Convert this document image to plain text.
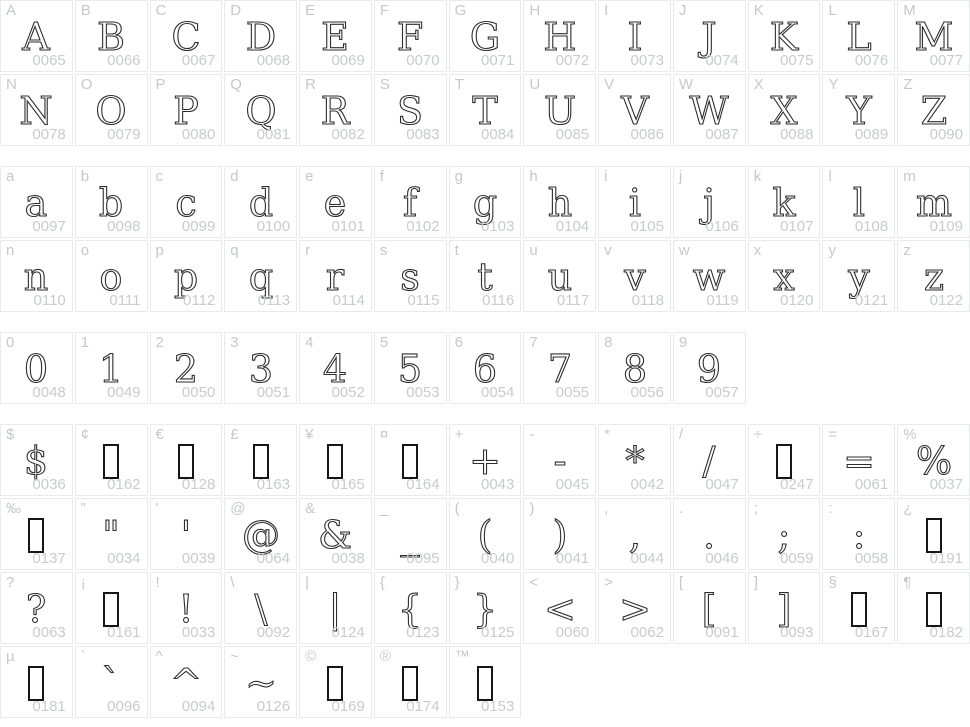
A
A
0065
B
B
0066
C
C
0067
D
D
0068
E
E
0069
F
F
0070
G
G
0071
H
H
0072
I
I
0073
J
J
0074
K
K
0075
L
L
0076
M
M
0077
N
N
0078
O
O
0079
P
P
0080
Q
Q
0081
R
R
0082
S
S
0083
T
T
0084
U
U
0085
V
V
0086
W
W
0087
X
X
0088
Y
Y
0089
Z
Z
0090
a
a
0097
b
b
0098
c
c
0099
d
d
0100
e
e
0101
f
f
0102
g
g
0103
h
h
0104
i
i
0105
j
j
0106
k
k
0107
l
l
0108
m
m
0109
n
n
0110
o
o
0111
p
p
0112
q
q
0113
r
r
0114
s
s
0115
t
t
0116
u
u
0117
v
v
0118
w
w
0119
x
x
0120
y
y
0121
z
z
0122
0
0
0048
1
1
0049
2
2
0050
3
3
0051
4
4
0052
5
5
0053
6
6
0054
7
7
0055
8
8
0056
9
9
0057
$
$
0036
¢
0162
€
0128
£
0163
¥
0165
¤
0164
+
+
0043
-
-
0045
*
*
0042
/
/
0047
÷
0247
=
=
0061
%
%
0037
‰
0137
"
"
0034
'
'
0039
@
@
0064
&
&
0038
_
_
0095
(
(
0040
)
)
0041
,
,
0044
.
.
0046
;
;
0059
:
:
0058
¿
0191
?
?
0063
¡
0161
!
!
0033
\
\
0092
|
|
0124
{
{
0123
}
}
0125
<
<
0060
>
>
0062
[
[
0091
]
]
0093
§
0167
¶
0182
µ
0181
`
`
0096
^
^
0094
~
~
0126
©
0169
®
0174
™
0153
